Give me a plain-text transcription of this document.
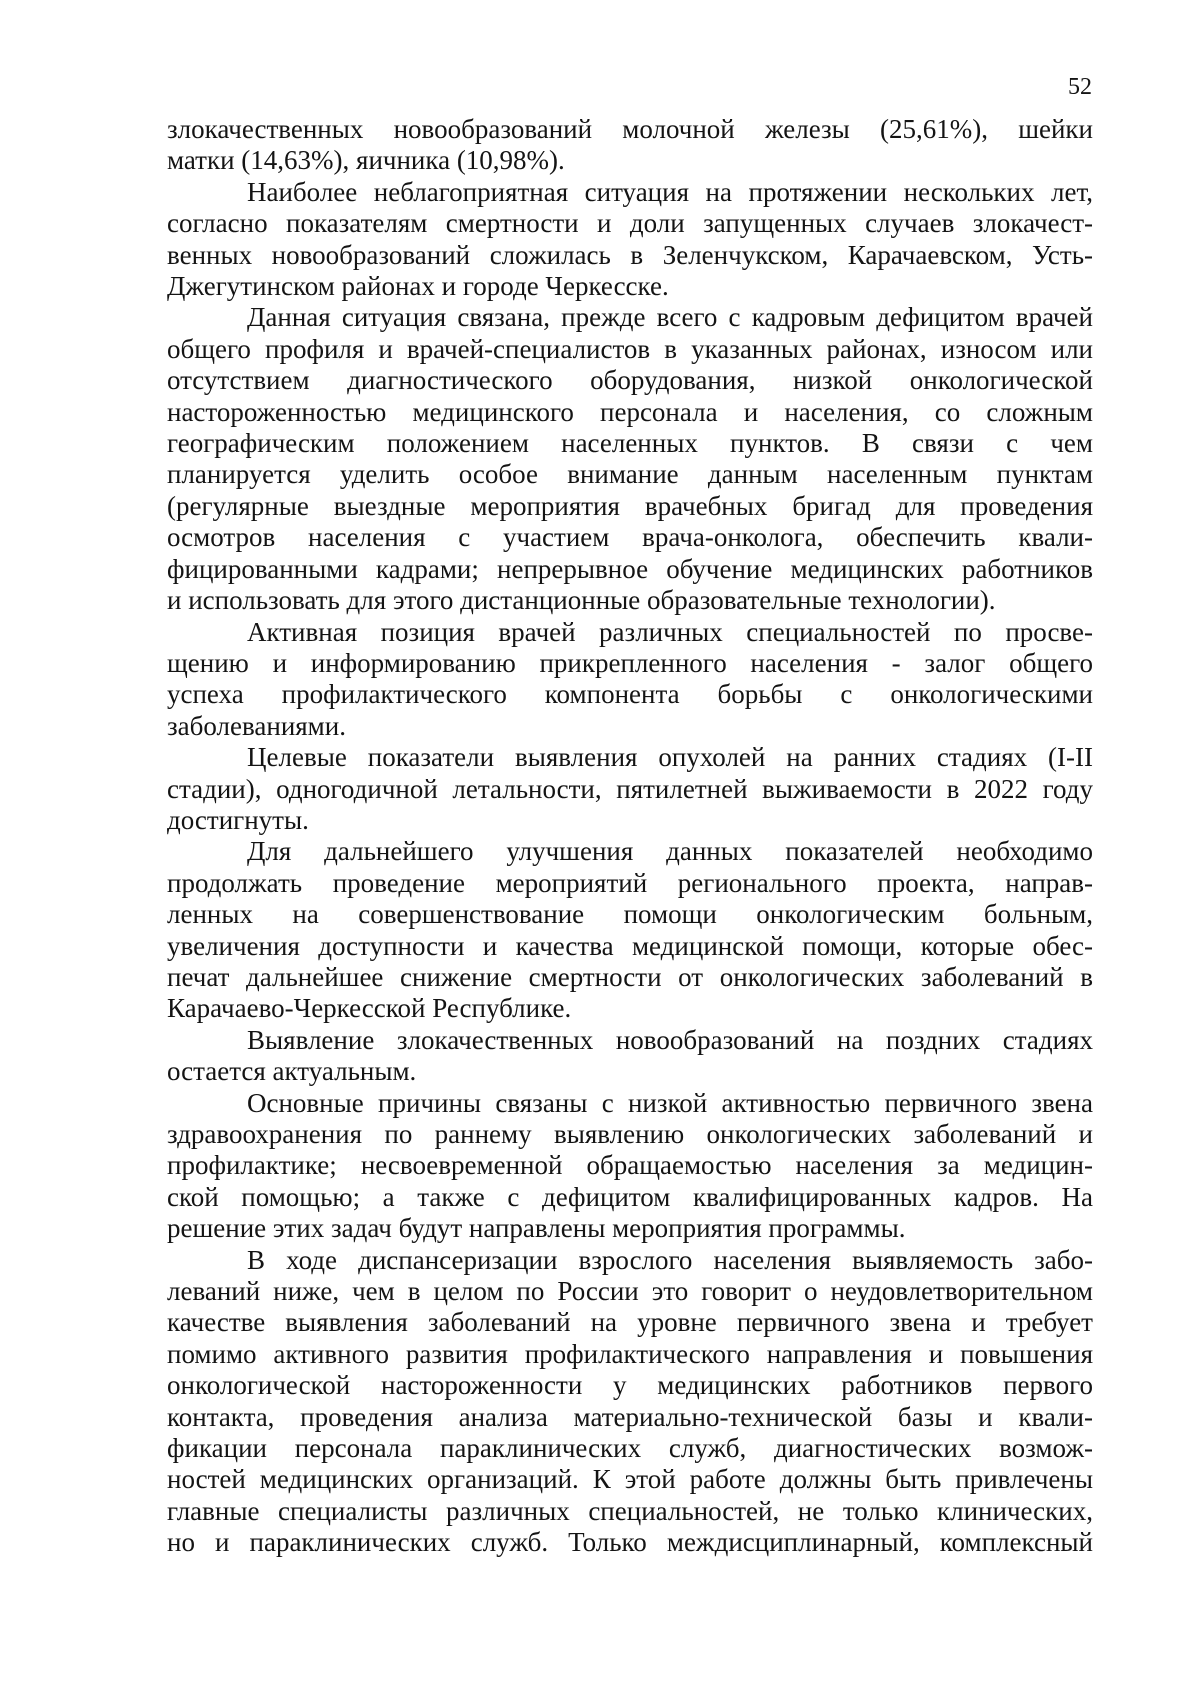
52

злокачественных новообразований молочной железы (25,61%), шейки
матки (14,63%), яичника (10,98%).

Наиболее неблагоприятная ситуация на протяжении нескольких лет,
согласно показателям смертности и доли запущенных случаев злокачест-
венных новообразований сложилась в Зеленчукском, Карачаевском, Усть-
Джегутинском районах и городе Черкесске.

Данная ситуация связана, прежде всего с кадровым дефицитом врачей
общего профиля и врачей-специалистов в указанных районах, износом или
отсутствием диагностического оборудования, низкой онкологической
настороженностью медицинского персонала и населения, со сложным
географическим положением населенных пунктов. В связи с чем
планируется уделить особое внимание данным населенным пунктам
(регулярные выездные мероприятия врачебных бригад для проведения
осмотров населения с участием врача-онколога, обеспечить квали-
фицированными кадрами; непрерывное обучение медицинских работников
и использовать для этого дистанционные образовательные технологии).

Активная позиция врачей различных специальностей по просве-
щению и информированию прикрепленного населения - залог общего
успеха профилактического компонента борьбы с онкологическими
заболеваниями.

Целевые показатели выявления опухолей на ранних стадиях (I-II
стадии), одногодичной летальности, пятилетней выживаемости в 2022 году
достигнуты.

Для дальнейшего улучшения данных показателей необходимо
продолжать проведение мероприятий регионального проекта, направ-
ленных на совершенствование помощи онкологическим больным,
увеличения доступности и качества медицинской помощи, которые обес-
печат дальнейшее снижение смертности от онкологических заболеваний в
Карачаево-Черкесской Республике.

Выявление злокачественных новообразований на поздних стадиях
остается актуальным.

Основные причины связаны с низкой активностью первичного звена
здравоохранения по раннему выявлению онкологических заболеваний и
профилактике; несвоевременной обращаемостью населения за медицин-
ской помощью; а также с дефицитом квалифицированных кадров. На
решение этих задач будут направлены мероприятия программы.

В ходе диспансеризации взрослого населения выявляемость забо-
леваний ниже, чем в целом по России это говорит о неудовлетворительном
качестве выявления заболеваний на уровне первичного звена и требует
помимо активного развития профилактического направления и повышения
онкологической настороженности у медицинских работников первого
контакта, проведения анализа материально-технической базы и квали-
фикации персонала параклинических служб, диагностических возмож-
ностей медицинских организаций. К этой работе должны быть привлечены
главные специалисты различных специальностей, не только клинических,
но и параклинических служб. Только междисциплинарный, комплексный
